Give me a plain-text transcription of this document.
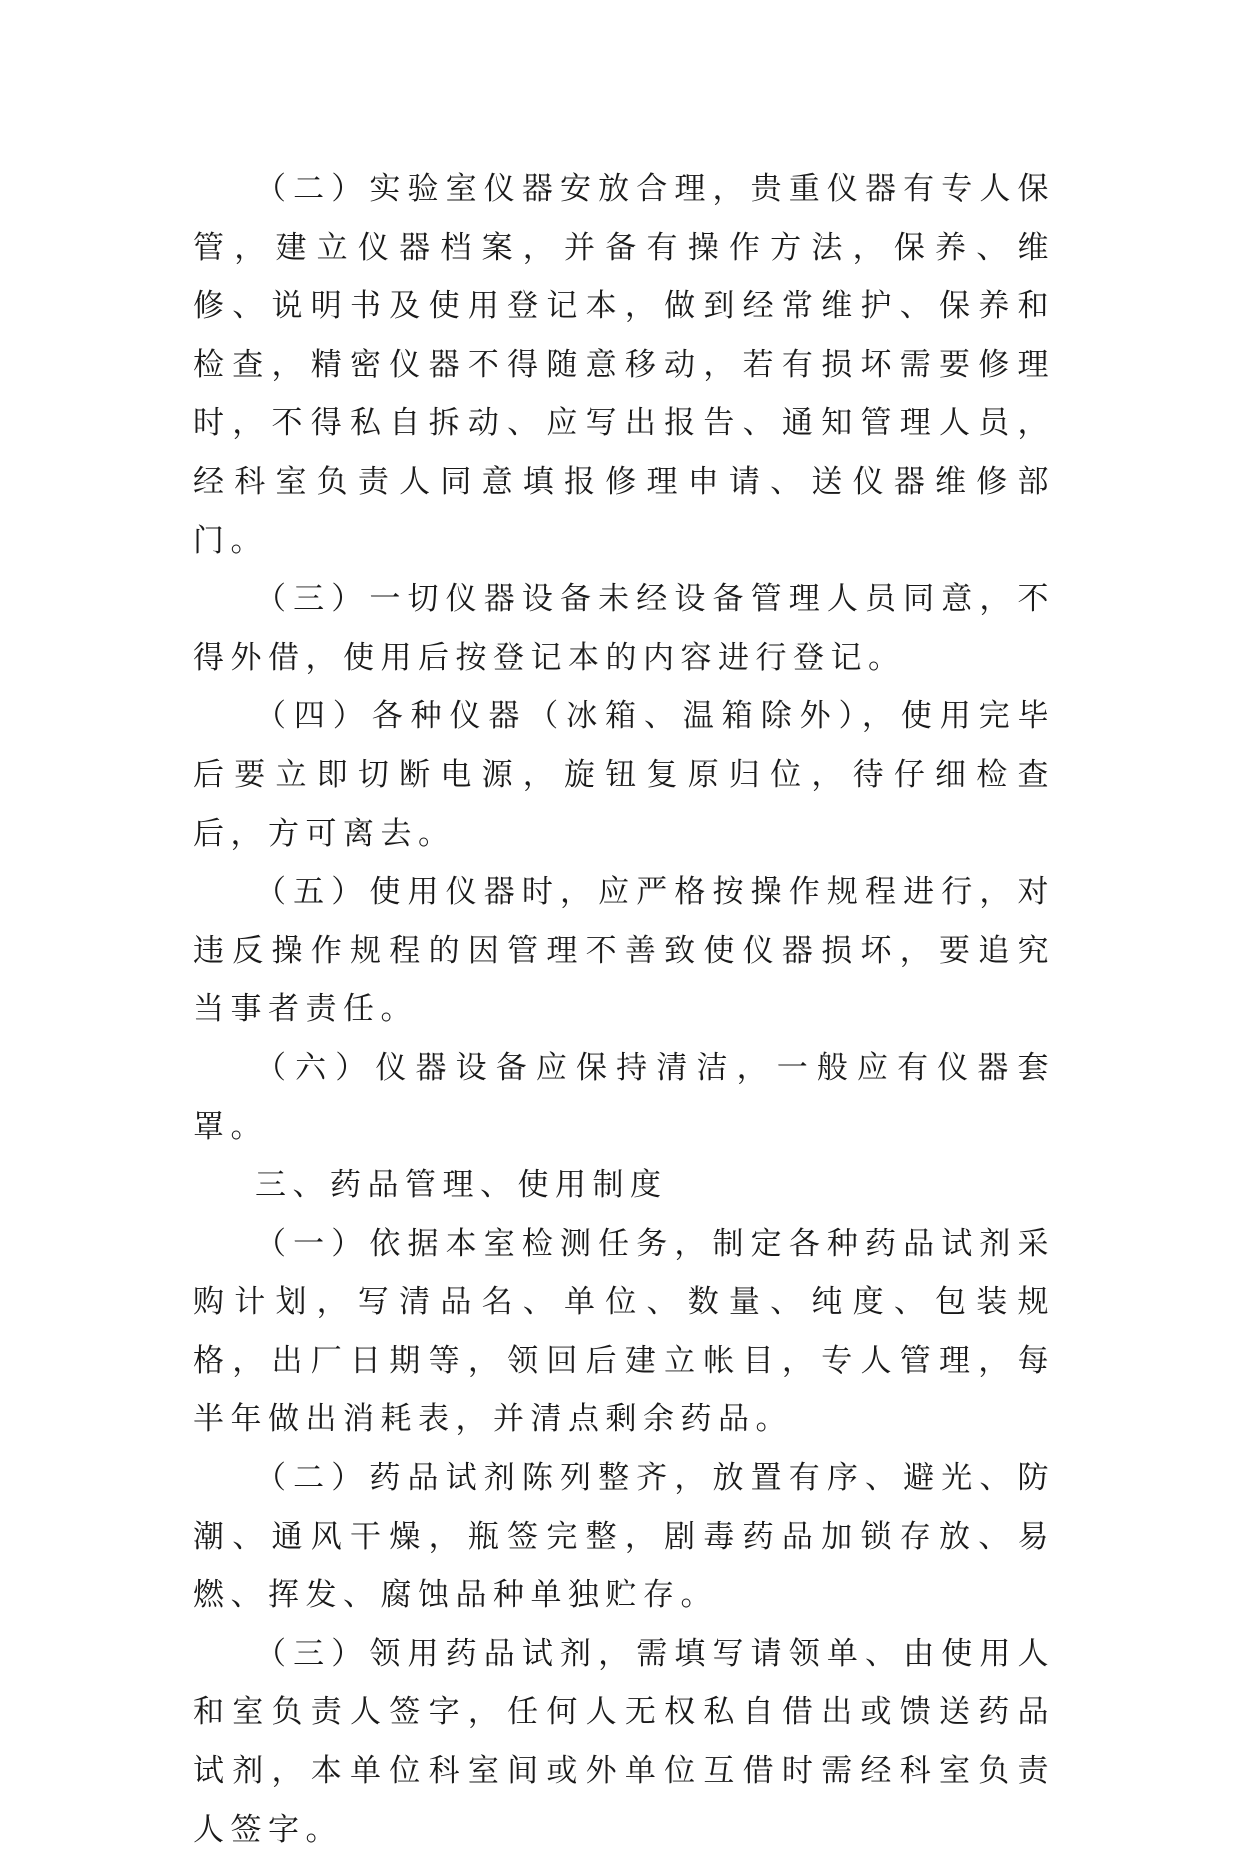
（二）实验室仪器安放合理，贵重仪器有专人保管，建立仪器档案，并备有操作方法，保养、维修、说明书及使用登记本，做到经常维护、保养和检查，精密仪器不得随意移动，若有损坏需要修理时，不得私自拆动、应写出报告、通知管理人员，经科室负责人同意填报修理申请、送仪器维修部门。

（三）一切仪器设备未经设备管理人员同意，不得外借，使用后按登记本的内容进行登记。

（四）各种仪器（冰箱、温箱除外），使用完毕后要立即切断电源，旋钮复原归位，待仔细检查后，方可离去。

（五）使用仪器时，应严格按操作规程进行，对违反操作规程的因管理不善致使仪器损坏，要追究当事者责任。

（六）仪器设备应保持清洁，一般应有仪器套罩。

三、药品管理、使用制度

（一）依据本室检测任务，制定各种药品试剂采购计划，写清品名、单位、数量、纯度、包装规格，出厂日期等，领回后建立帐目，专人管理，每半年做出消耗表，并清点剩余药品。

（二）药品试剂陈列整齐，放置有序、避光、防潮、通风干燥，瓶签完整，剧毒药品加锁存放、易燃、挥发、腐蚀品种单独贮存。

（三）领用药品试剂，需填写请领单、由使用人和室负责人签字，任何人无权私自借出或馈送药品试剂，本单位科室间或外单位互借时需经科室负责人签字。
